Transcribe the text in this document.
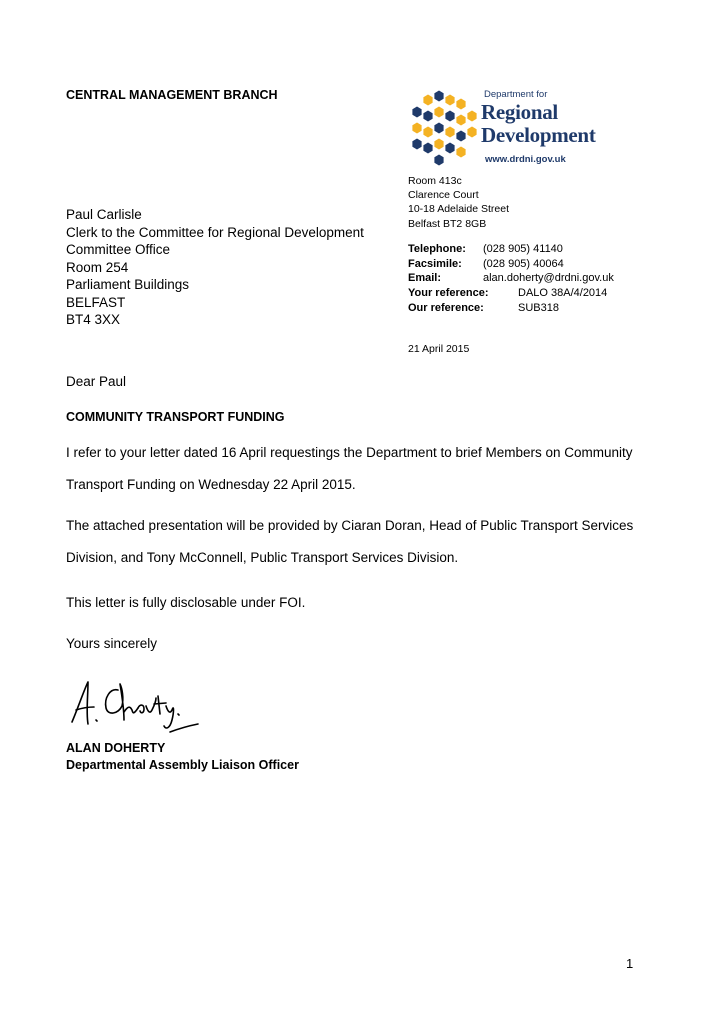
CENTRAL MANAGEMENT BRANCH	Department for
Regional
Development
www.drdni.gov.uk
Room 413c
Clarence Court
10-18 Adelaide Street
Belfast BT2 8GB
Telephone: (028 905) 41140
Facsimile: (028 905) 40064
Email:	alan.doherty@drdni.gov.uk
Your reference:	DALO 38A/4/2014
Our reference:	SUB318
21 April 2015
Paul Carlisle
Clerk to the Committee for Regional Development
Committee Office
Room 254
Parliament Buildings
BELFAST
BT4 3XX
Dear Paul
COMMUNITY TRANSPORT FUNDING
I refer to your letter dated 16 April requestings the Department to brief Members on Community Transport Funding on Wednesday 22 April 2015.
The attached presentation will be provided by Ciaran Doran, Head of Public Transport Services Division, and Tony McConnell, Public Transport Services Division.
This letter is fully disclosable under FOI.
Yours sincerely
ALAN DOHERTY
Departmental Assembly Liaison Officer
1
